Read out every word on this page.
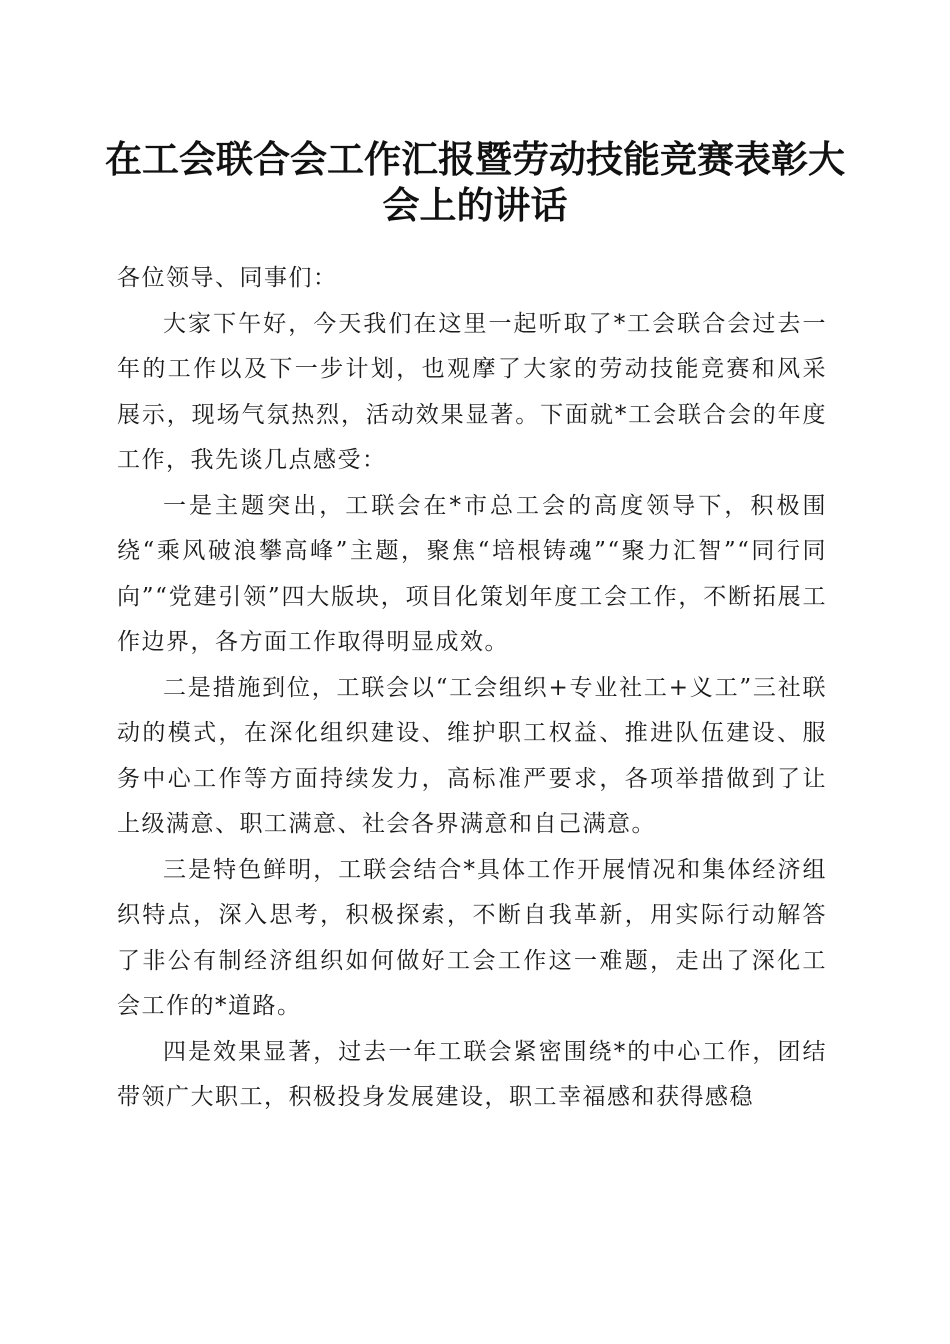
在工会联合会工作汇报暨劳动技能竞赛表彰大会上的讲话

各位领导、同事们：

大家下午好，今天我们在这里一起听取了*工会联合会过去一年的工作以及下一步计划，也观摩了大家的劳动技能竞赛和风采展示，现场气氛热烈，活动效果显著。下面就*工会联合会的年度工作，我先谈几点感受：

一是主题突出，工联会在*市总工会的高度领导下，积极围绕“乘风破浪攀高峰”主题，聚焦“培根铸魂”“聚力汇智”“同行同向”“党建引领”四大版块，项目化策划年度工会工作，不断拓展工作边界，各方面工作取得明显成效。

二是措施到位，工联会以“工会组织+专业社工+义工”三社联动的模式，在深化组织建设、维护职工权益、推进队伍建设、服务中心工作等方面持续发力，高标准严要求，各项举措做到了让上级满意、职工满意、社会各界满意和自己满意。

三是特色鲜明，工联会结合*具体工作开展情况和集体经济组织特点，深入思考，积极探索，不断自我革新，用实际行动解答了非公有制经济组织如何做好工会工作这一难题，走出了深化工会工作的*道路。

四是效果显著，过去一年工联会紧密围绕*的中心工作，团结带领广大职工，积极投身发展建设，职工幸福感和获得感稳
